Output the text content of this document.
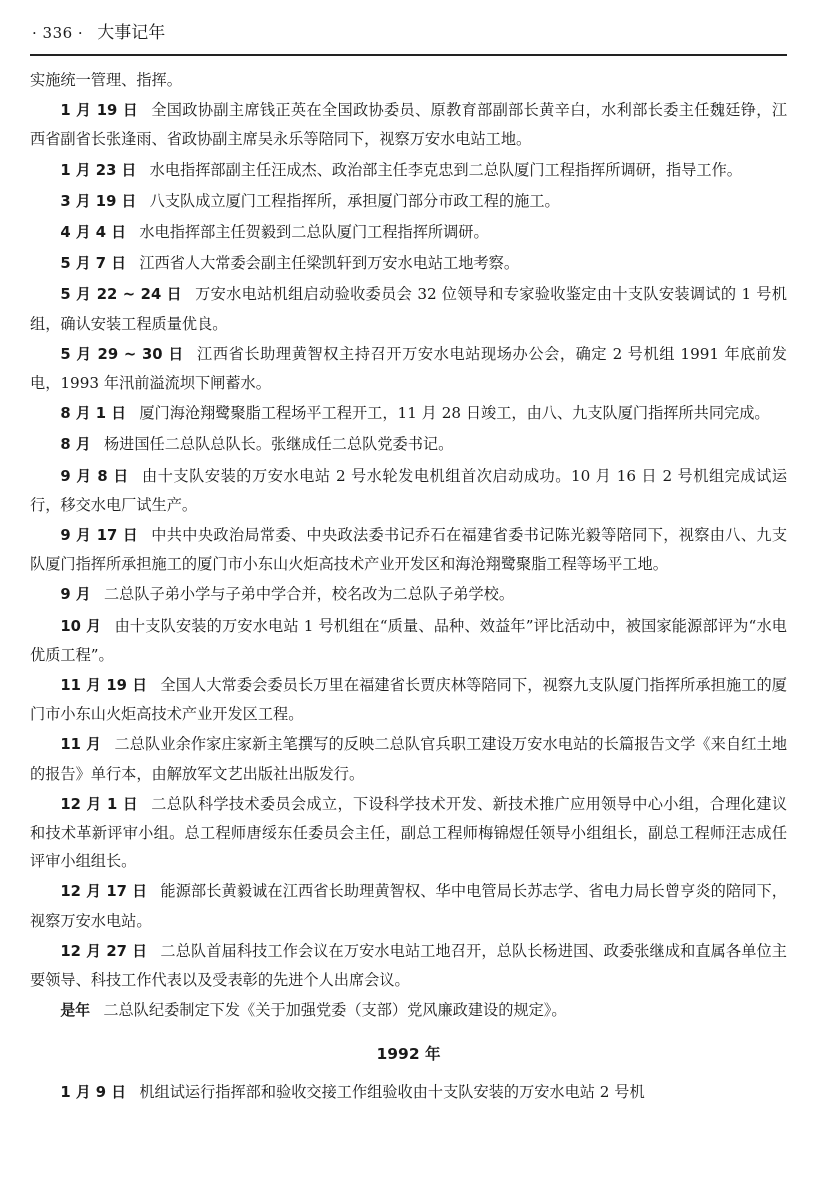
· 336 · 大事记年

实施统一管理、指挥。

1 月 19 日 全国政协副主席钱正英在全国政协委员、原教育部副部长黄辛白，水利部长委主任魏廷铮，江西省副省长张逢雨、省政协副主席吴永乐等陪同下，视察万安水电站工地。

1 月 23 日 水电指挥部副主任汪成杰、政治部主任李克忠到二总队厦门工程指挥所调研，指导工作。

3 月 19 日 八支队成立厦门工程指挥所，承担厦门部分市政工程的施工。

4 月 4 日 水电指挥部主任贺毅到二总队厦门工程指挥所调研。

5 月 7 日 江西省人大常委会副主任梁凯轩到万安水电站工地考察。

5 月 22 ~ 24 日 万安水电站机组启动验收委员会 32 位领导和专家验收鉴定由十支队安装调试的 1 号机组，确认安装工程质量优良。

5 月 29 ~ 30 日 江西省长助理黄智权主持召开万安水电站现场办公会，确定 2 号机组 1991 年底前发电，1993 年汛前溢流坝下闸蓄水。

8 月 1 日 厦门海沧翔鹭聚脂工程场平工程开工，11 月 28 日竣工，由八、九支队厦门指挥所共同完成。

8 月 杨进国任二总队总队长。张继成任二总队党委书记。

9 月 8 日 由十支队安装的万安水电站 2 号水轮发电机组首次启动成功。10 月 16 日 2 号机组完成试运行，移交水电厂试生产。

9 月 17 日 中共中央政治局常委、中央政法委书记乔石在福建省委书记陈光毅等陪同下，视察由八、九支队厦门指挥所承担施工的厦门市小东山火炬高技术产业开发区和海沧翔鹭聚脂工程等场平工地。

9 月 二总队子弟小学与子弟中学合并，校名改为二总队子弟学校。

10 月 由十支队安装的万安水电站 1 号机组在“质量、品种、效益年”评比活动中，被国家能源部评为“水电优质工程”。

11 月 19 日 全国人大常委会委员长万里在福建省长贾庆林等陪同下，视察九支队厦门指挥所承担施工的厦门市小东山火炬高技术产业开发区工程。

11 月 二总队业余作家庄家新主笔撰写的反映二总队官兵职工建设万安水电站的长篇报告文学《来自红土地的报告》单行本，由解放军文艺出版社出版发行。

12 月 1 日 二总队科学技术委员会成立，下设科学技术开发、新技术推广应用领导中心小组，合理化建议和技术革新评审小组。总工程师唐绥东任委员会主任，副总工程师梅锦煜任领导小组组长，副总工程师汪志成任评审小组组长。

12 月 17 日 能源部长黄毅诚在江西省长助理黄智权、华中电管局长苏志学、省电力局长曾亨炎的陪同下，视察万安水电站。

12 月 27 日 二总队首届科技工作会议在万安水电站工地召开，总队长杨进国、政委张继成和直属各单位主要领导、科技工作代表以及受表彰的先进个人出席会议。

是年 二总队纪委制定下发《关于加强党委（支部）党风廉政建设的规定》。

1992 年

1 月 9 日 机组试运行指挥部和验收交接工作组验收由十支队安装的万安水电站 2 号机
